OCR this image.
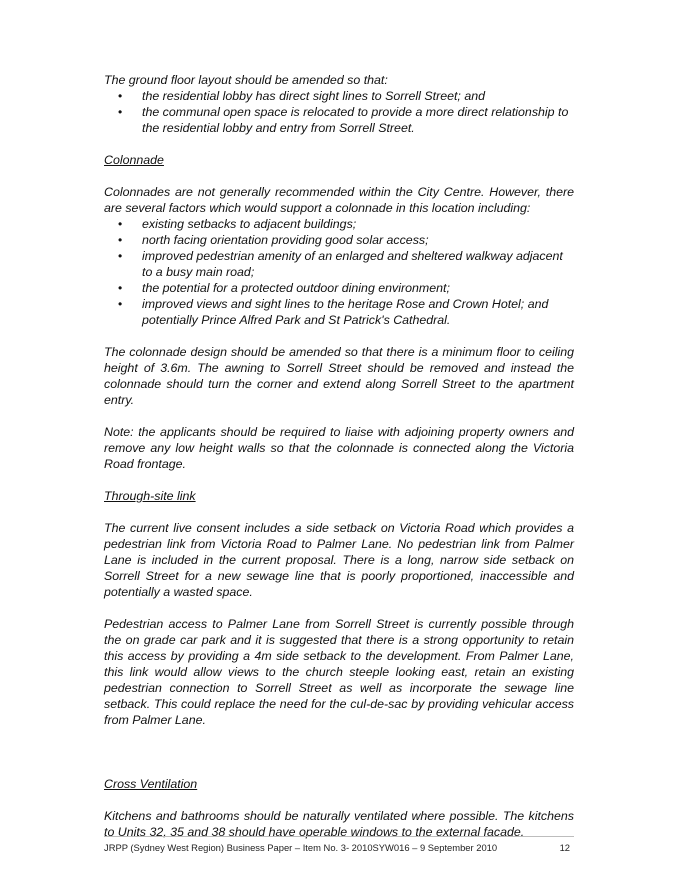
The ground floor layout should be amended so that:

• the residential lobby has direct sight lines to Sorrell Street; and
• the communal open space is relocated to provide a more direct relationship to the residential lobby and entry from Sorrell Street.

Colonnade

Colonnades are not generally recommended within the City Centre. However, there are several factors which would support a colonnade in this location including:

• existing setbacks to adjacent buildings;
• north facing orientation providing good solar access;
• improved pedestrian amenity of an enlarged and sheltered walkway adjacent to a busy main road;
• the potential for a protected outdoor dining environment;
• improved views and sight lines to the heritage Rose and Crown Hotel; and potentially Prince Alfred Park and St Patrick's Cathedral.

The colonnade design should be amended so that there is a minimum floor to ceiling height of 3.6m. The awning to Sorrell Street should be removed and instead the colonnade should turn the corner and extend along Sorrell Street to the apartment entry.

Note: the applicants should be required to liaise with adjoining property owners and remove any low height walls so that the colonnade is connected along the Victoria Road frontage.

Through-site link

The current live consent includes a side setback on Victoria Road which provides a pedestrian link from Victoria Road to Palmer Lane. No pedestrian link from Palmer Lane is included in the current proposal. There is a long, narrow side setback on Sorrell Street for a new sewage line that is poorly proportioned, inaccessible and potentially a wasted space.

Pedestrian access to Palmer Lane from Sorrell Street is currently possible through the on grade car park and it is suggested that there is a strong opportunity to retain this access by providing a 4m side setback to the development. From Palmer Lane, this link would allow views to the church steeple looking east, retain an existing pedestrian connection to Sorrell Street as well as incorporate the sewage line setback. This could replace the need for the cul-de-sac by providing vehicular access from Palmer Lane.

Cross Ventilation

Kitchens and bathrooms should be naturally ventilated where possible. The kitchens to Units 32, 35 and 38 should have operable windows to the external facade.

JRPP (Sydney West Region) Business Paper – Item No. 3- 2010SYW016 – 9 September 2010	12
